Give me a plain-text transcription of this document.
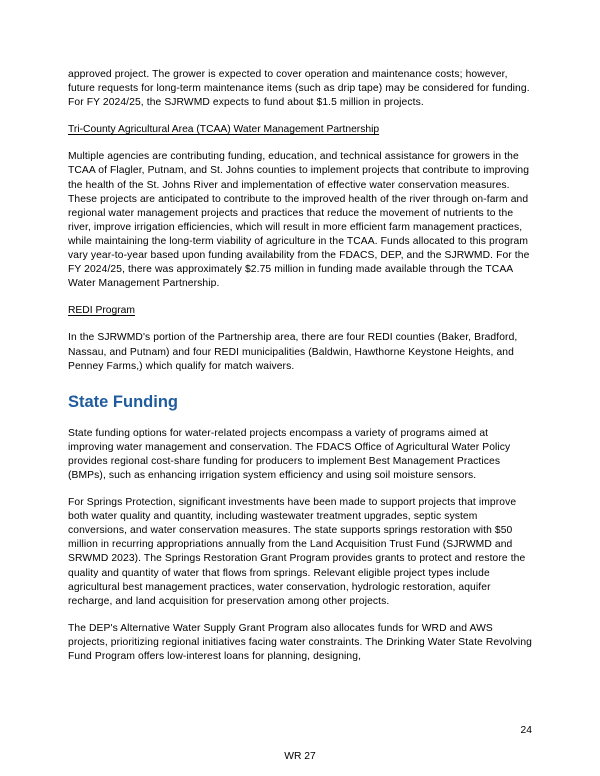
approved project. The grower is expected to cover operation and maintenance costs; however, future requests for long-term maintenance items (such as drip tape) may be considered for funding. For FY 2024/25, the SJRWMD expects to fund about $1.5 million in projects.

Tri-County Agricultural Area (TCAA) Water Management Partnership

Multiple agencies are contributing funding, education, and technical assistance for growers in the TCAA of Flagler, Putnam, and St. Johns counties to implement projects that contribute to improving the health of the St. Johns River and implementation of effective water conservation measures. These projects are anticipated to contribute to the improved health of the river through on-farm and regional water management projects and practices that reduce the movement of nutrients to the river, improve irrigation efficiencies, which will result in more efficient farm management practices, while maintaining the long-term viability of agriculture in the TCAA. Funds allocated to this program vary year-to-year based upon funding availability from the FDACS, DEP, and the SJRWMD. For the FY 2024/25, there was approximately $2.75 million in funding made available through the TCAA Water Management Partnership.

REDI Program

In the SJRWMD's portion of the Partnership area, there are four REDI counties (Baker, Bradford, Nassau, and Putnam) and four REDI municipalities (Baldwin, Hawthorne Keystone Heights, and Penney Farms,) which qualify for match waivers.

State Funding

State funding options for water-related projects encompass a variety of programs aimed at improving water management and conservation. The FDACS Office of Agricultural Water Policy provides regional cost-share funding for producers to implement Best Management Practices (BMPs), such as enhancing irrigation system efficiency and using soil moisture sensors.

For Springs Protection, significant investments have been made to support projects that improve both water quality and quantity, including wastewater treatment upgrades, septic system conversions, and water conservation measures. The state supports springs restoration with $50 million in recurring appropriations annually from the Land Acquisition Trust Fund (SJRWMD and SRWMD 2023). The Springs Restoration Grant Program provides grants to protect and restore the quality and quantity of water that flows from springs. Relevant eligible project types include agricultural best management practices, water conservation, hydrologic restoration, aquifer recharge, and land acquisition for preservation among other projects.

The DEP's Alternative Water Supply Grant Program also allocates funds for WRD and AWS projects, prioritizing regional initiatives facing water constraints. The Drinking Water State Revolving Fund Program offers low-interest loans for planning, designing,

24
WR 27
